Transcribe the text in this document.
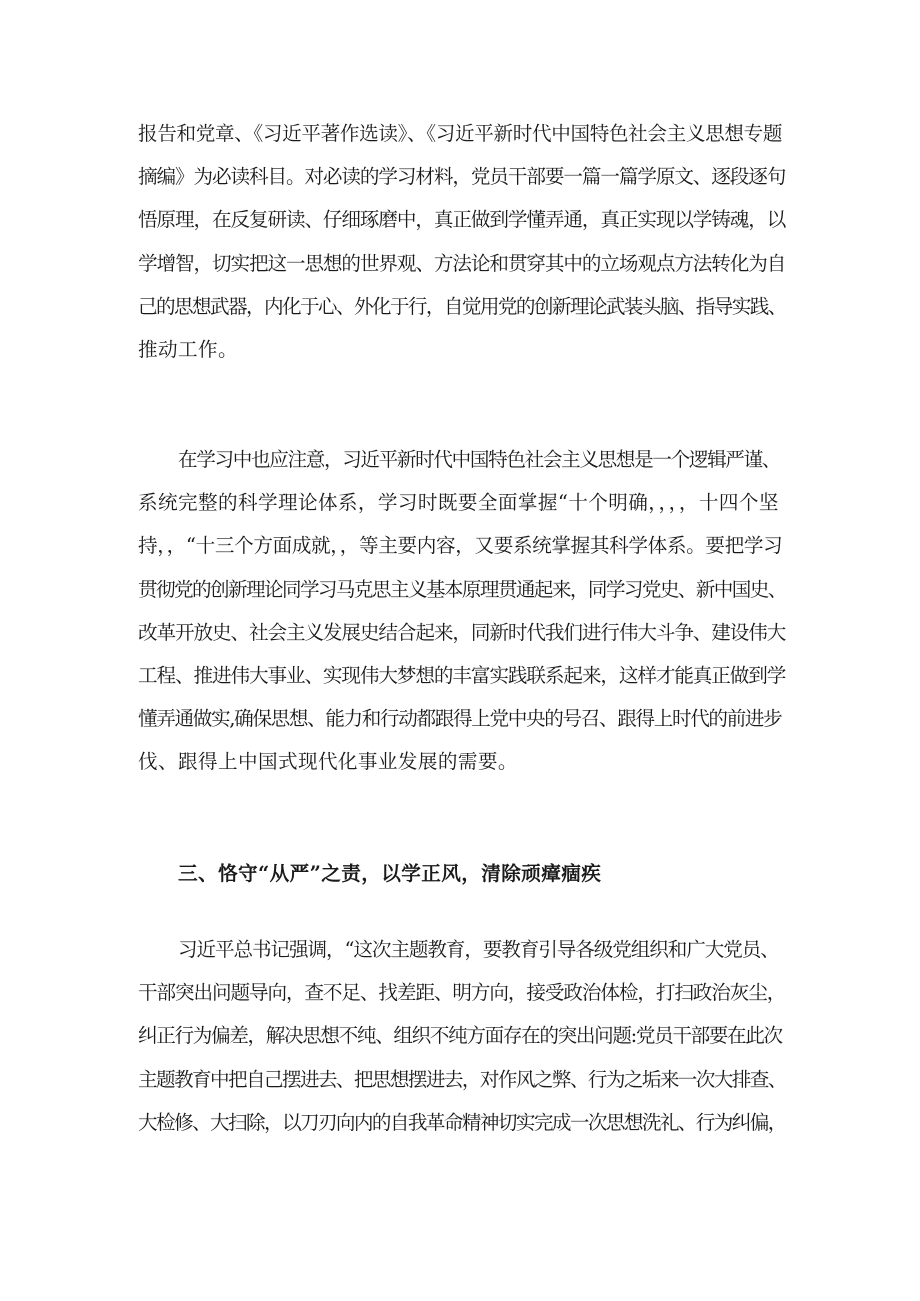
报告和党章、《习近平著作选读》、《习近平新时代中国特色社会主义思想专题
摘编》为必读科目。对必读的学习材料，党员干部要一篇一篇学原文、逐段逐句
悟原理，在反复研读、仔细琢磨中，真正做到学懂弄通，真正实现以学铸魂，以
学增智，切实把这一思想的世界观、方法论和贯穿其中的立场观点方法转化为自
己的思想武器，内化于心、外化于行，自觉用党的创新理论武装头脑、指导实践、
推动工作。
在学习中也应注意，习近平新时代中国特色社会主义思想是一个逻辑严谨、
系统完整的科学理论体系，学习时既要全面掌握“十个明确，，，，十四个坚
持，，“十三个方面成就，，等主要内容，又要系统掌握其科学体系。要把学习
贯彻党的创新理论同学习马克思主义基本原理贯通起来，同学习党史、新中国史、
改革开放史、社会主义发展史结合起来，同新时代我们进行伟大斗争、建设伟大
工程、推进伟大事业、实现伟大梦想的丰富实践联系起来，这样才能真正做到学
懂弄通做实,确保思想、能力和行动都跟得上党中央的号召、跟得上时代的前进步
伐、跟得上中国式现代化事业发展的需要。
三、恪守“从严”之责，以学正风，清除顽瘴痼疾
习近平总书记强调，“这次主题教育，要教育引导各级党组织和广大党员、
干部突出问题导向，查不足、找差距、明方向，接受政治体检，打扫政治灰尘，
纠正行为偏差，解决思想不纯、组织不纯方面存在的突出问题:党员干部要在此次
主题教育中把自己摆进去、把思想摆进去，对作风之弊、行为之垢来一次大排查、
大检修、大扫除，以刀刃向内的自我革命精神切实完成一次思想洗礼、行为纠偏，
